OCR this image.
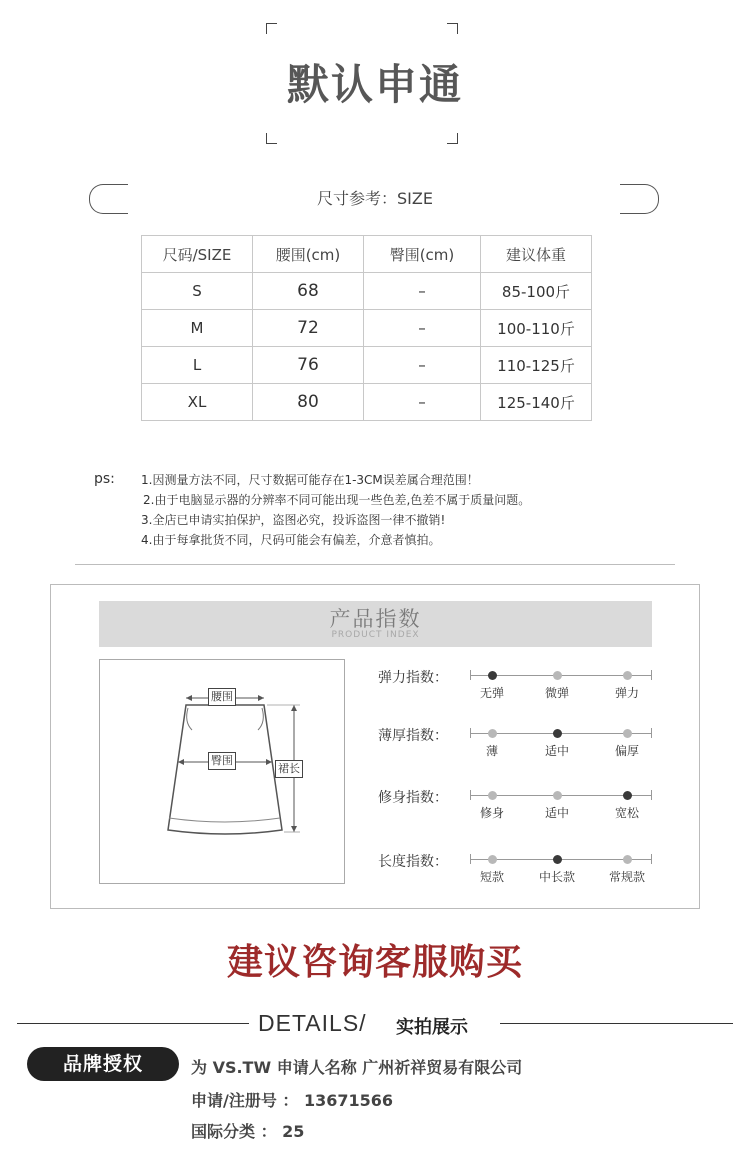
默认申通
尺寸参考：SIZE
尺码/SIZE	腰围(cm)	臀围(cm)	建议体重
S	68	–	85-100斤
M	72	–	100-110斤
L	76	–	110-125斤
XL	80	–	125-140斤
ps: 1.因测量方法不同，尺寸数据可能存在1-3CM误差属合理范围！
2.由于电脑显示器的分辨率不同可能出现一些色差,色差不属于质量问题。
3.全店已申请实拍保护，盗图必究，投诉盗图一律不撤销!
4.由于每拿批货不同，尺码可能会有偏差，介意者慎拍。
产品指数
PRODUCT INDEX
腰围
臀围
裙长
弹力指数：
无弹	微弹	弹力
薄厚指数：
薄	适中	偏厚
修身指数：
修身	适中	宽松
长度指数：
短款	中长款	常规款
建议咨询客服购买
DETAILS/ 实拍展示
品牌授权	为 VS.TW 申请人名称 广州祈祥贸易有限公司
申请/注册号 ： 13671566
国际分类 ： 25
